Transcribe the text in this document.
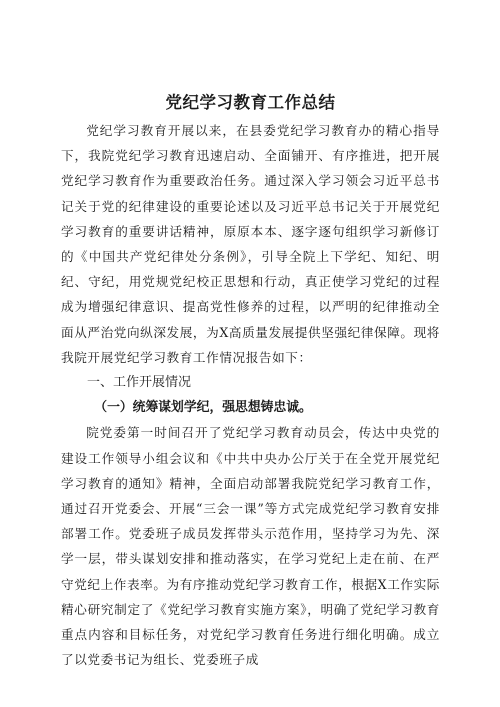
党纪学习教育工作总结

党纪学习教育开展以来，在县委党纪学习教育办的精心指导下，我院党纪学习教育迅速启动、全面铺开、有序推进，把开展党纪学习教育作为重要政治任务。通过深入学习领会习近平总书记关于党的纪律建设的重要论述以及习近平总书记关于开展党纪学习教育的重要讲话精神，原原本本、逐字逐句组织学习新修订的《中国共产党纪律处分条例》，引导全院上下学纪、知纪、明纪、守纪，用党规党纪校正思想和行动，真正使学习党纪的过程成为增强纪律意识、提高党性修养的过程，以严明的纪律推动全面从严治党向纵深发展，为X高质量发展提供坚强纪律保障。现将我院开展党纪学习教育工作情况报告如下：

一、工作开展情况

（一）统筹谋划学纪，强思想铸忠诚。

院党委第一时间召开了党纪学习教育动员会，传达中央党的建设工作领导小组会议和《中共中央办公厅关于在全党开展党纪学习教育的通知》精神，全面启动部署我院党纪学习教育工作，通过召开党委会、开展“三会一课”等方式完成党纪学习教育安排部署工作。党委班子成员发挥带头示范作用，坚持学习为先、深学一层，带头谋划安排和推动落实，在学习党纪上走在前、在严守党纪上作表率。为有序推动党纪学习教育工作，根据X工作实际精心研究制定了《党纪学习教育实施方案》，明确了党纪学习教育重点内容和目标任务，对党纪学习教育任务进行细化明确。成立了以党委书记为组长、党委班子成
